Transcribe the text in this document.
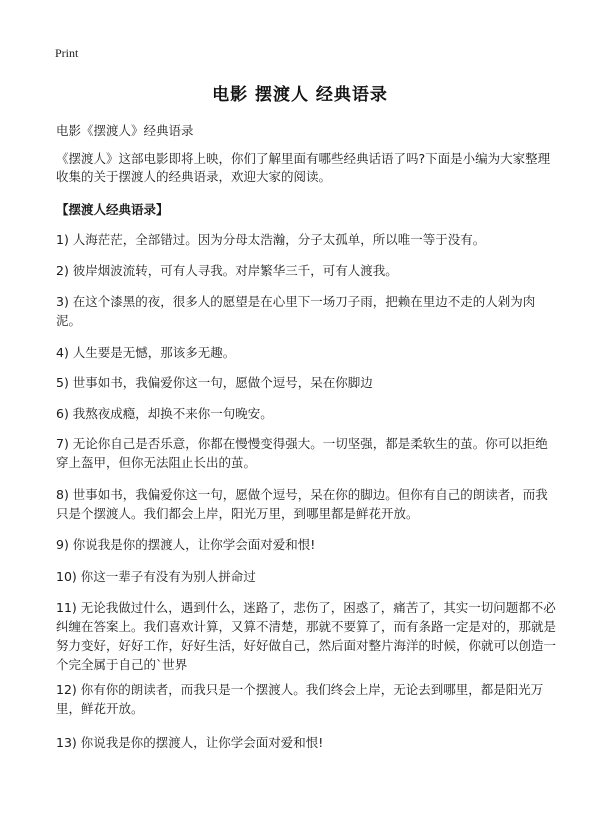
Print
电影 摆渡人 经典语录
电影《摆渡人》经典语录
《摆渡人》这部电影即将上映，你们了解里面有哪些经典话语了吗?下面是小编为大家整理收集的关于摆渡人的经典语录，欢迎大家的阅读。
【摆渡人经典语录】

1) 人海茫茫，全部错过。因为分母太浩瀚，分子太孤单，所以唯一等于没有。

2) 彼岸烟波流转，可有人寻我。对岸繁华三千，可有人渡我。

3) 在这个漆黑的夜，很多人的愿望是在心里下一场刀子雨，把赖在里边不走的人剁为肉泥。

4) 人生要是无憾，那该多无趣。

5) 世事如书，我偏爱你这一句，愿做个逗号，呆在你脚边

6) 我熬夜成瘾，却换不来你一句晚安。

7) 无论你自己是否乐意，你都在慢慢变得强大。一切坚强，都是柔软生的茧。你可以拒绝穿上盔甲，但你无法阻止长出的茧。

8) 世事如书，我偏爱你这一句，愿做个逗号，呆在你的脚边。但你有自己的朗读者，而我只是个摆渡人。我们都会上岸，阳光万里，到哪里都是鲜花开放。

9) 你说我是你的摆渡人，让你学会面对爱和恨!

10) 你这一辈子有没有为别人拼命过

11) 无论我做过什么，遇到什么，迷路了，悲伤了，困惑了，痛苦了，其实一切问题都不必纠缠在答案上。我们喜欢计算，又算不清楚，那就不要算了，而有条路一定是对的，那就是努力变好，好好工作，好好生活，好好做自己，然后面对整片海洋的时候，你就可以创造一个完全属于自己的`世界

12) 你有你的朗读者，而我只是一个摆渡人。我们终会上岸，无论去到哪里，都是阳光万里，鲜花开放。

13) 你说我是你的摆渡人，让你学会面对爱和恨!
